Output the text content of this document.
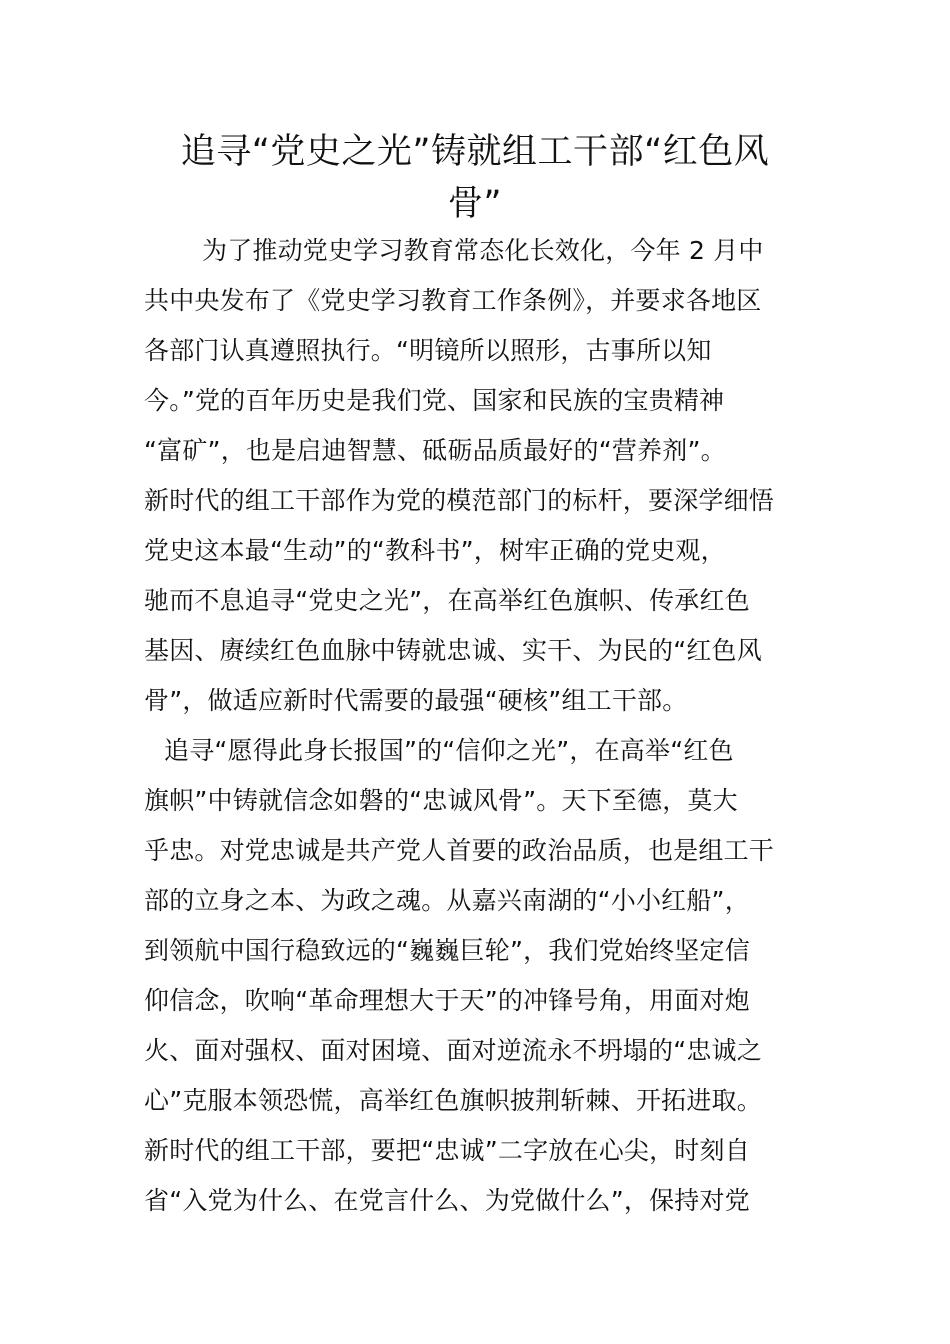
追寻“党史之光”铸就组工干部“红色风
骨”
为了推动党史学习教育常态化长效化，今年 2 月中
共中央发布了《党史学习教育工作条例》，并要求各地区
各部门认真遵照执行。“明镜所以照形，古事所以知
今。”党的百年历史是我们党、国家和民族的宝贵精神
“富矿”，也是启迪智慧、砥砺品质最好的“营养剂”。
新时代的组工干部作为党的模范部门的标杆，要深学细悟
党史这本最“生动”的“教科书”，树牢正确的党史观，
驰而不息追寻“党史之光”，在高举红色旗帜、传承红色
基因、赓续红色血脉中铸就忠诚、实干、为民的“红色风
骨”，做适应新时代需要的最强“硬核”组工干部。
追寻“愿得此身长报国”的“信仰之光”，在高举“红色
旗帜”中铸就信念如磐的“忠诚风骨”。天下至德，莫大
乎忠。对党忠诚是共产党人首要的政治品质，也是组工干
部的立身之本、为政之魂。从嘉兴南湖的“小小红船”，
到领航中国行稳致远的“巍巍巨轮”，我们党始终坚定信
仰信念，吹响“革命理想大于天”的冲锋号角，用面对炮
火、面对强权、面对困境、面对逆流永不坍塌的“忠诚之
心”克服本领恐慌，高举红色旗帜披荆斩棘、开拓进取。
新时代的组工干部，要把“忠诚”二字放在心尖，时刻自
省“入党为什么、在党言什么、为党做什么”，保持对党
